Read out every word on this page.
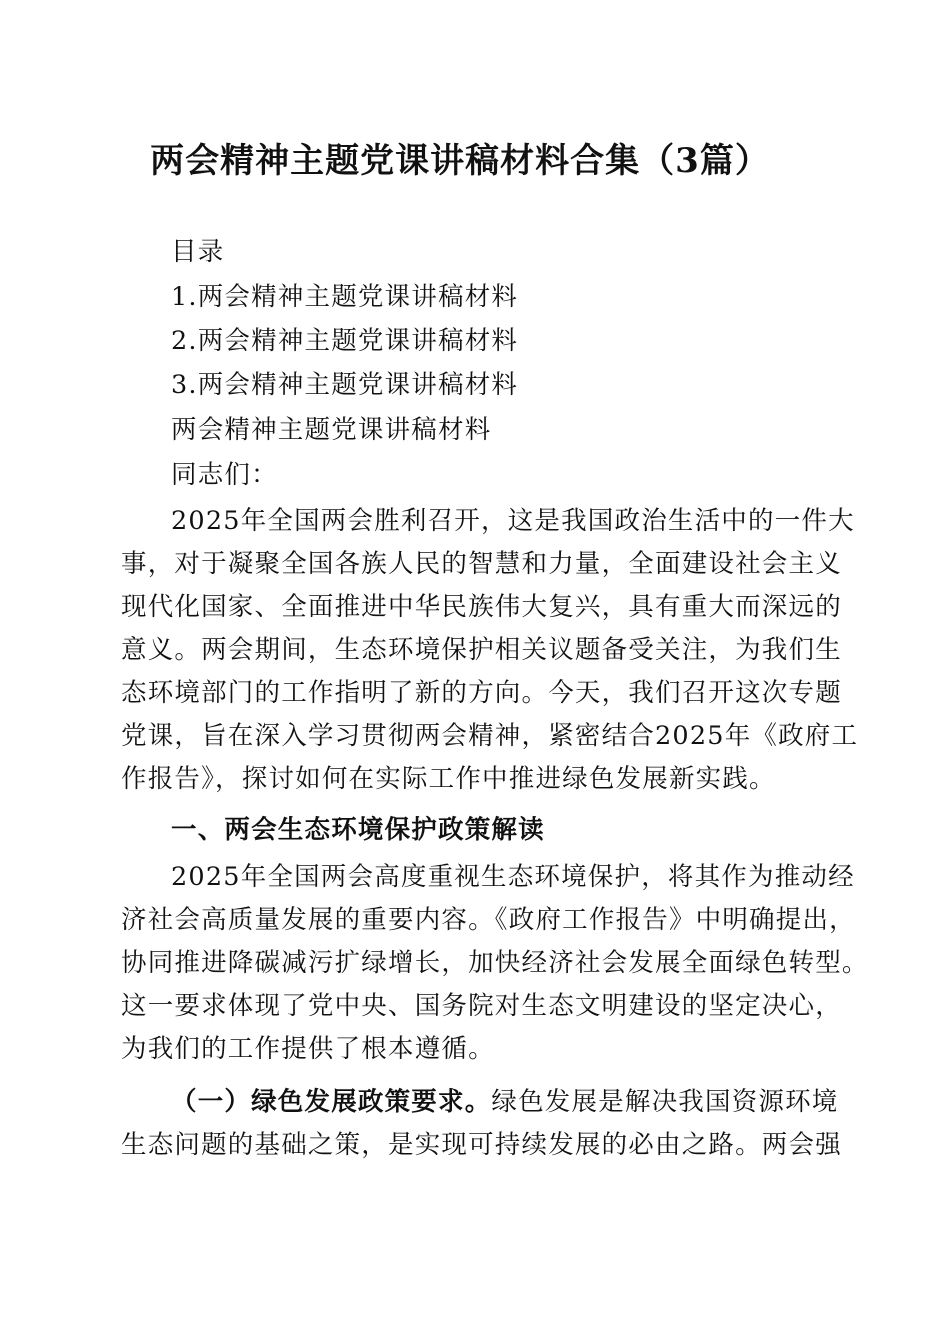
两会精神主题党课讲稿材料合集（3篇）
目录
1.两会精神主题党课讲稿材料
2.两会精神主题党课讲稿材料
3.两会精神主题党课讲稿材料
两会精神主题党课讲稿材料
同志们：
2025年全国两会胜利召开，这是我国政治生活中的一件大
事，对于凝聚全国各族人民的智慧和力量，全面建设社会主义
现代化国家、全面推进中华民族伟大复兴，具有重大而深远的
意义。两会期间，生态环境保护相关议题备受关注，为我们生
态环境部门的工作指明了新的方向。今天，我们召开这次专题
党课，旨在深入学习贯彻两会精神，紧密结合2025年《政府工
作报告》，探讨如何在实际工作中推进绿色发展新实践。
一、两会生态环境保护政策解读
2025年全国两会高度重视生态环境保护，将其作为推动经
济社会高质量发展的重要内容。《政府工作报告》中明确提出，
协同推进降碳减污扩绿增长，加快经济社会发展全面绿色转型。
这一要求体现了党中央、国务院对生态文明建设的坚定决心，
为我们的工作提供了根本遵循。
（一）绿色发展政策要求。绿色发展是解决我国资源环境
生态问题的基础之策，是实现可持续发展的必由之路。两会强
